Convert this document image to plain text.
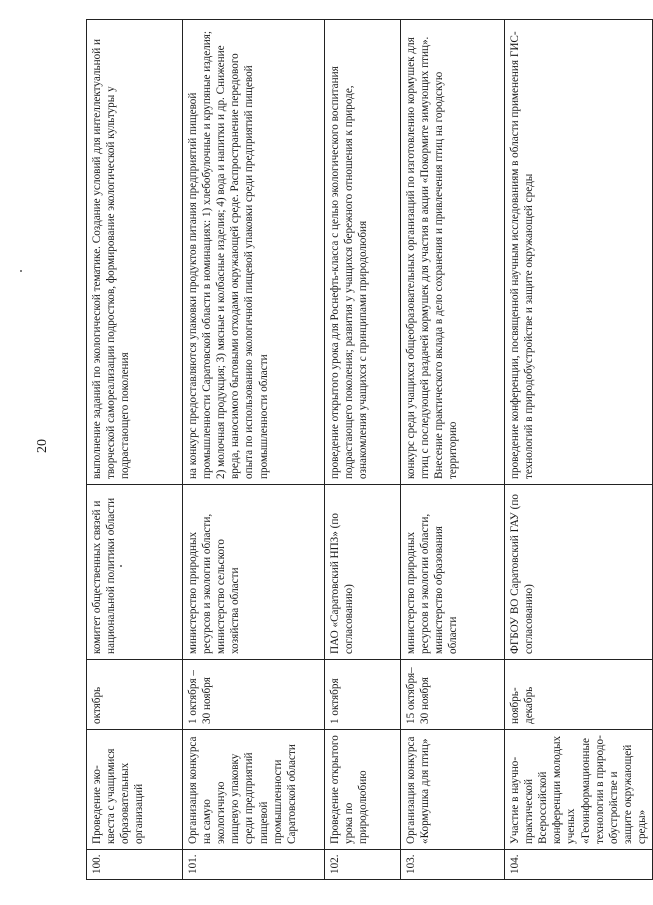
20
100.	Проведение эко-квеста с учащимися образовательных организаций	октябрь	комитет общественных связей и национальной политики области	выполнение заданий по экологической тематике. Создание условий для интеллектуальной и творческой самореализации подростков, формирование экологической культуры у подрастающего поколения
101.	Организация конкурса на самую экологичную пищевую упаковку среди предприятий пищевой промышленности Саратовской области	1 октября – 30 ноября	министерство природных ресурсов и экологии области, министерство сельского хозяйства области	на конкурс предоставляются упаковки продуктов питания предприятий пищевой промышленности Саратовской области в номинациях: 1) хлебобулочные и крупяные изделия; 2) молочная продукция; 3) мясные и колбасные изделия; 4) вода и напитки и др. Снижение вреда, наносимого бытовыми отходами окружающей среде. Распространение передового опыта по использованию экологичной пищевой упаковки среди предприятий пищевой промышленности области
102.	Проведение открытого урока по природолюбию	1 октября	ПАО «Саратовский НПЗ» (по согласованию)	проведение открытого урока для Роснефть-класса с целью экологического воспитания подрастающего поколения; развития у учащихся бережного отношения к природе, ознакомления учащихся с принципами природолюбия
103.	Организация конкурса «Кормушка для птиц»	15 октября– 30 ноября	министерство природных ресурсов и экологии области, министерство образования области	конкурс среди учащихся общеобразовательных организаций по изготовлению кормушек для птиц с последующей раздачей кормушек для участия в акции «Покормите зимующих птиц». Внесение практического вклада в дело сохранения и привлечения птиц на городскую территорию
104.	Участие в научно-практической Всероссийской конференции молодых ученых «Геоинформационные технологии в природо-обустройстве и защите окружающей среды»	ноябрь-декабрь	ФГБОУ ВО Саратовский ГАУ (по согласованию)	проведение конференции, посвященной научным исследованиям в области применения ГИС-технологий в природобустройстве и защите окружающей среды
